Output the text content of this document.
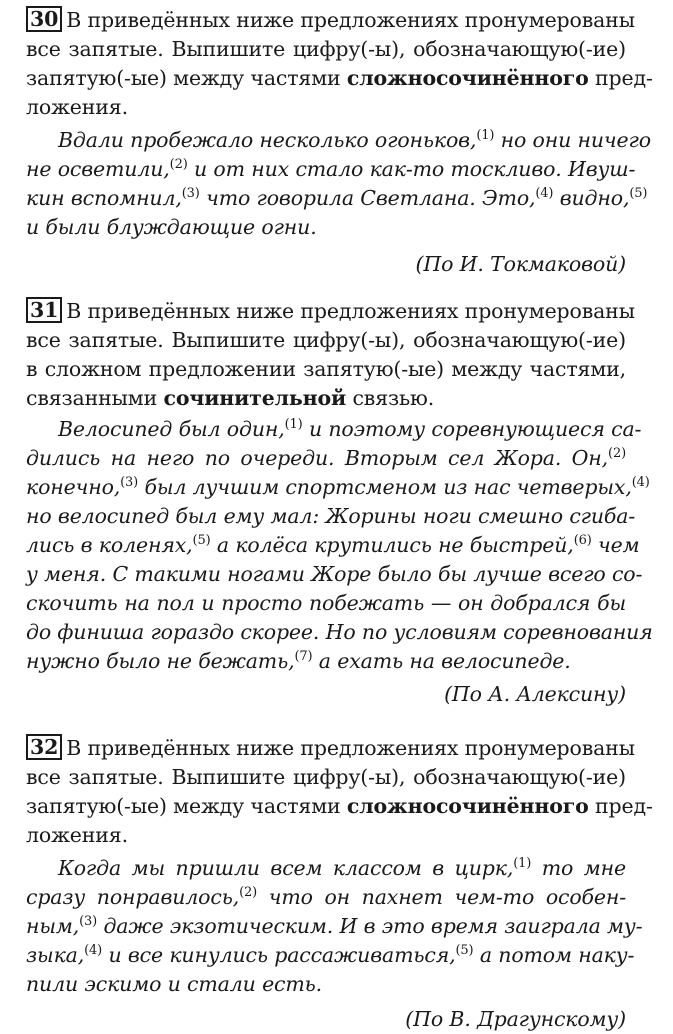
30 В приведённых ниже предложениях пронумерованы
все запятые. Выпишите цифру(-ы), обозначающую(-ие)
запятую(-ые) между частями сложносочинённого пред-
ложения.
Вдали пробежало несколько огоньков,$^{(1)}$ но они ничего
не осветили,$^{(2)}$ и от них стало как-то тоскливо. Ивуш-
кин вспомнил,$^{(3)}$ что говорила Светлана. Это,$^{(4)}$ видно,$^{(5)}$
и были блуждающие огни.
(По И. Токмаковой)
31 В приведённых ниже предложениях пронумерованы
все запятые. Выпишите цифру(-ы), обозначающую(-ие)
в сложном предложении запятую(-ые) между частями,
связанными сочинительной связью.
Велосипед был один,$^{(1)}$ и поэтому соревнующиеся са-
дились на него по очереди. Вторым сел Жора. Он,$^{(2)}$
конечно,$^{(3)}$ был лучшим спортсменом из нас четверых,$^{(4)}$
но велосипед был ему мал: Жорины ноги смешно сгиба-
лись в коленях,$^{(5)}$ а колёса крутились не быстрей,$^{(6)}$ чем
у меня. С такими ногами Жоре было бы лучше всего со-
скочить на пол и просто побежать — он добрался бы
до финиша гораздо скорее. Но по условиям соревнования
нужно было не бежать,$^{(7)}$ а ехать на велосипеде.
(По А. Алексину)
32 В приведённых ниже предложениях пронумерованы
все запятые. Выпишите цифру(-ы), обозначающую(-ие)
запятую(-ые) между частями сложносочинённого пред-
ложения.
Когда мы пришли всем классом в цирк,$^{(1)}$ то мне
сразу понравилось,$^{(2)}$ что он пахнет чем-то особен-
ным,$^{(3)}$ даже экзотическим. И в это время заиграла му-
зыка,$^{(4)}$ и все кинулись рассаживаться,$^{(5)}$ а потом наку-
пили эскимо и стали есть.
(По В. Драгунскому)
